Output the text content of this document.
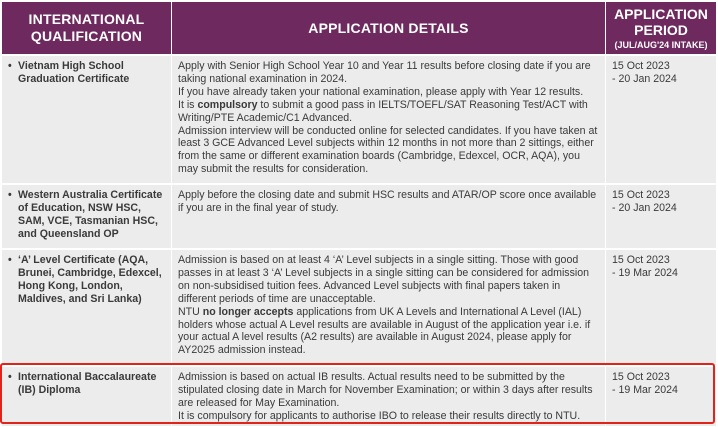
INTERNATIONAL
QUALIFICATION
APPLICATION DETAILS
APPLICATION
PERIOD
(JUL/AUG'24 INTAKE)
• Vietnam High School Graduation Certificate

Apply with Senior High School Year 10 and Year 11 results before closing date if you are taking national examination in 2024.

If you have already taken your national examination, please apply with Year 12 results.

It is compulsory to submit a good pass in IELTS/TOEFL/SAT Reasoning Test/ACT with Writing/PTE Academic/C1 Advanced.

Admission interview will be conducted online for selected candidates. If you have taken at least 3 GCE Advanced Level subjects within 12 months in not more than 2 sittings, either from the same or different examination boards (Cambridge, Edexcel, OCR, AQA), you may submit the results for consideration.

15 Oct 2023
- 20 Jan 2024
• Western Australia Certificate of Education, NSW HSC, SAM, VCE, Tasmanian HSC, and Queensland OP

Apply before the closing date and submit HSC results and ATAR/OP score once available if you are in the final year of study.

15 Oct 2023
- 20 Jan 2024
• ‘A’ Level Certificate (AQA, Brunei, Cambridge, Edexcel, Hong Kong, London, Maldives, and Sri Lanka)

Admission is based on at least 4 ‘A’ Level subjects in a single sitting. Those with good passes in at least 3 ‘A’ Level subjects in a single sitting can be considered for admission on non-subsidised tuition fees. Advanced Level subjects with final papers taken in different periods of time are unacceptable.

NTU no longer accepts applications from UK A Levels and International A Level (IAL) holders whose actual A Level results are available in August of the application year i.e. if your actual A level results (A2 results) are available in August 2024, please apply for AY2025 admission instead.

15 Oct 2023
- 19 Mar 2024
• International Baccalaureate (IB) Diploma

Admission is based on actual IB results. Actual results need to be submitted by the stipulated closing date in March for November Examination; or within 3 days after results are released for May Examination.

It is compulsory for applicants to authorise IBO to release their results directly to NTU.

15 Oct 2023
- 19 Mar 2024
